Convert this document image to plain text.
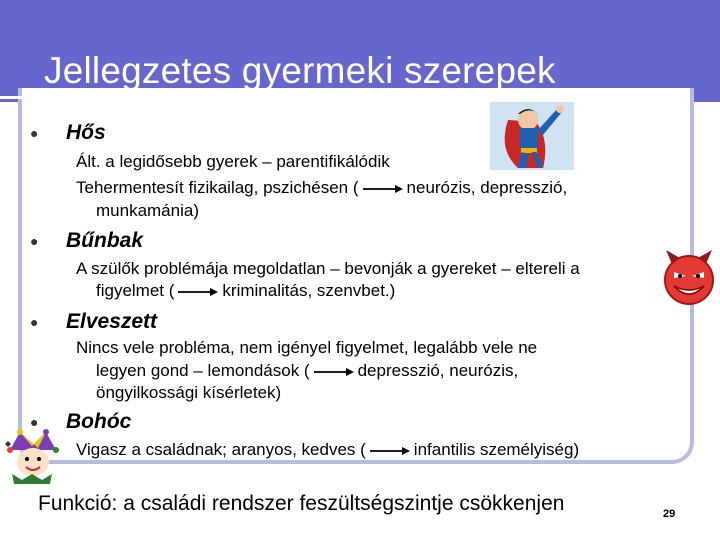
Jellegzetes gyermeki szerepek
● Hős
Ált. a legidősebb gyerek – parentifikálódik
Tehermentesít fizikailag, pszichésen (	neurózis, depresszió,
munkamánia)
● Bűnbak
A szülők problémája megoldatlan – bevonják a gyereket – eltereli a
figyelmet (	kriminalitás, szenvbet.)
● Elveszett
Nincs vele probléma, nem igényel figyelmet, legalább vele ne
legyen gond – lemondások (	depresszió, neurózis,
öngyilkossági kísérletek)
● Bohóc
Vigasz a családnak; aranyos, kedves (	infantilis személyiség)
Funkció: a családi rendszer feszültségszintje csökkenjen	29
